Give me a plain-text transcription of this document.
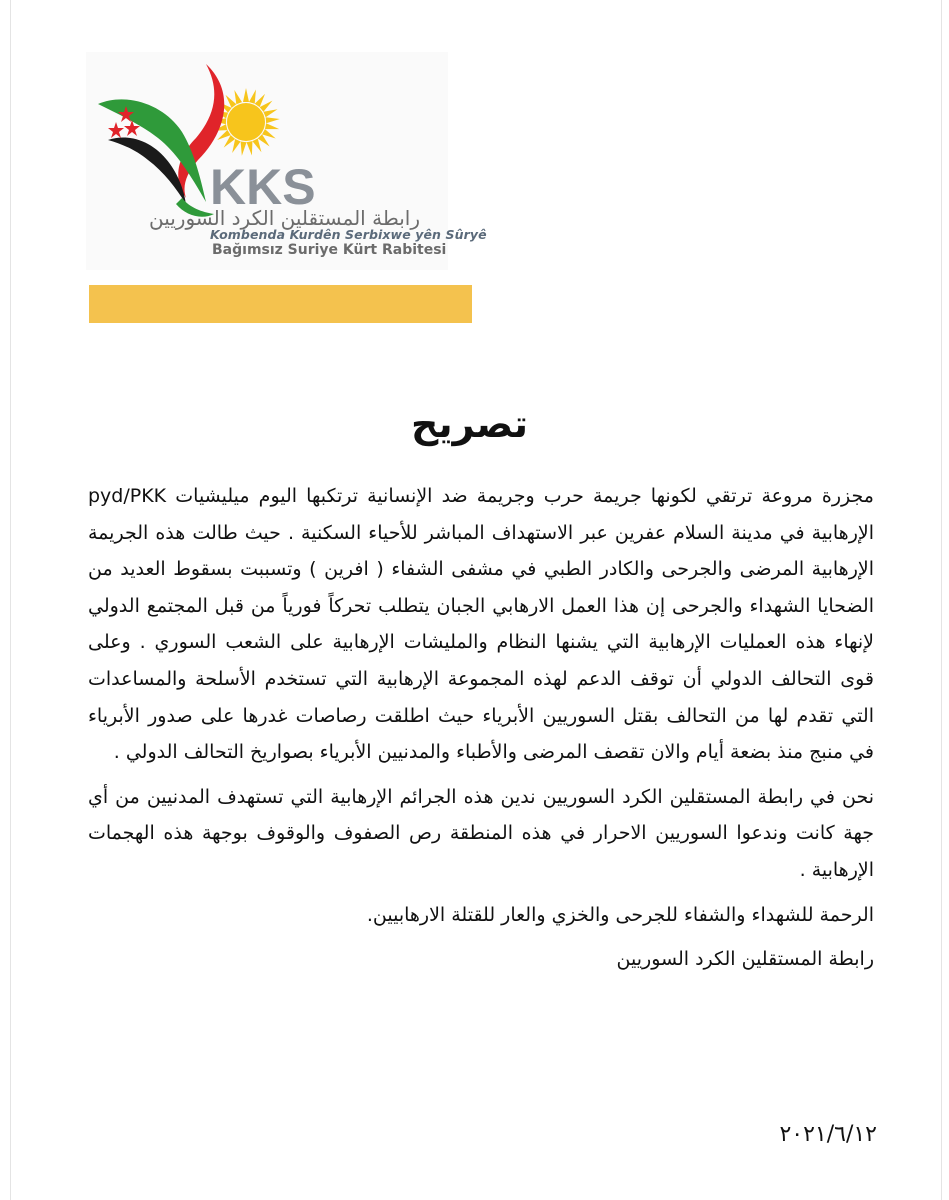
KKS
رابطة المستقلين الكرد السوريين
Kombenda Kurdên Serbixwe yên Sûryê
Bağımsız Suriye Kürt Rabitesi
تصريح

مجزرة مروعة ترتقي لكونها جريمة حرب وجريمة ضد الإنسانية ترتكبها اليوم ميليشيات pyd/PKK الإرهابية في مدينة السلام عفرين عبر الاستهداف المباشر للأحياء السكنية . حيث طالت هذه الجريمة الإرهابية المرضى والجرحى والكادر الطبي في مشفى الشفاء ( افرين ) وتسببت بسقوط العديد من الضحايا الشهداء والجرحى إن هذا العمل الارهابي الجبان يتطلب تحركاً فورياً من قبل المجتمع الدولي لإنهاء هذه العمليات الإرهابية التي يشنها النظام والمليشات الإرهابية على الشعب السوري . وعلى قوى التحالف الدولي أن توقف الدعم لهذه المجموعة الإرهابية التي تستخدم الأسلحة والمساعدات التي تقدم لها من التحالف بقتل السوريين الأبرياء حيث اطلقت رصاصات غدرها على صدور الأبرياء في منبج منذ بضعة أيام والان تقصف المرضى والأطباء والمدنيين الأبرياء بصواريخ التحالف الدولي .

نحن في رابطة المستقلين الكرد السوريين ندين هذه الجرائم الإرهابية التي تستهدف المدنيين من أي جهة كانت وندعوا السوريين الاحرار في هذه المنطقة رص الصفوف والوقوف بوجهة هذه الهجمات الإرهابية .

الرحمة للشهداء والشفاء للجرحى والخزي والعار للقتلة الارهابيين.

رابطة المستقلين الكرد السوريين

٢٠٢١/٦/١٢
